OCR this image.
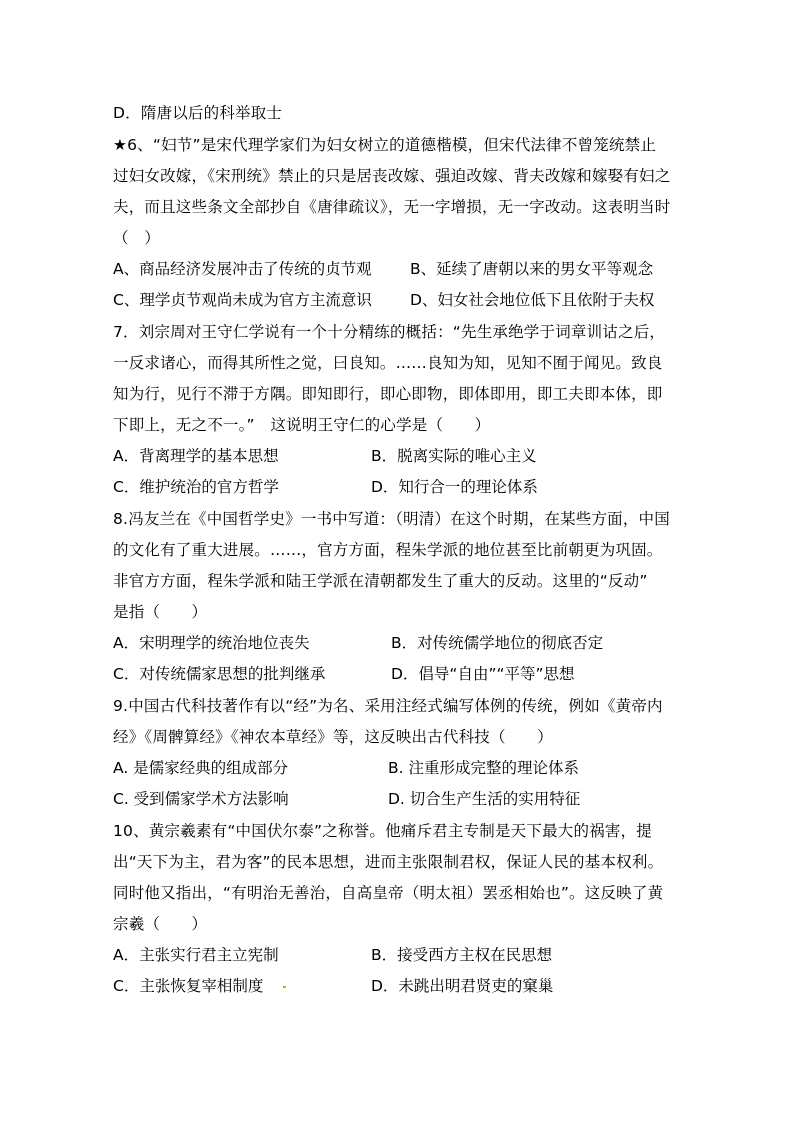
D．隋唐以后的科举取士
★6、“妇节”是宋代理学家们为妇女树立的道德楷模，但宋代法律不曾笼统禁止
过妇女改嫁，《宋刑统》禁止的只是居丧改嫁、强迫改嫁、背夫改嫁和嫁娶有妇之
夫，而且这些条文全部抄自《唐律疏议》，无一字增损，无一字改动。这表明当时
（　）
A、商品经济发展冲击了传统的贞节观 B、延续了唐朝以来的男女平等观念
C、理学贞节观尚未成为官方主流意识 D、妇女社会地位低下且依附于夫权
7．刘宗周对王守仁学说有一个十分精练的概括：“先生承绝学于词章训诂之后，
一反求诸心，而得其所性之觉，曰良知。……良知为知，见知不囿于闻见。致良
知为行，见行不滞于方隅。即知即行，即心即物，即体即用，即工夫即本体，即
下即上，无之不一。”　这说明王守仁的心学是（　　）
A．背离理学的基本思想	B．脱离实际的唯心主义
C．维护统治的官方哲学	D．知行合一的理论体系
8.冯友兰在《中国哲学史》一书中写道：（明清）在这个时期，在某些方面，中国
的文化有了重大进展。……，官方方面，程朱学派的地位甚至比前朝更为巩固。
非官方方面，程朱学派和陆王学派在清朝都发生了重大的反动。这里的“反动”
是指（　　）
A．宋明理学的统治地位丧失	B．对传统儒学地位的彻底否定
C．对传统儒家思想的批判继承	D．倡导“自由”“平等”思想
9.中国古代科技著作有以“经”为名、采用注经式编写体例的传统，例如《黄帝内
经》《周髀算经》《神农本草经》等，这反映出古代科技（　　）
A. 是儒家经典的组成部分	B. 注重形成完整的理论体系
C. 受到儒家学术方法影响	D. 切合生产生活的实用特征
10、黄宗羲素有“中国伏尔泰”之称誉。他痛斥君主专制是天下最大的祸害，提
出“天下为主，君为客”的民本思想，进而主张限制君权，保证人民的基本权利。
同时他又指出，“有明治无善治，自高皇帝（明太祖）罢丞相始也”。这反映了黄
宗羲（　　）
A．主张实行君主立宪制	B．接受西方主权在民思想
C．主张恢复宰相制度	D．未跳出明君贤吏的窠巢
